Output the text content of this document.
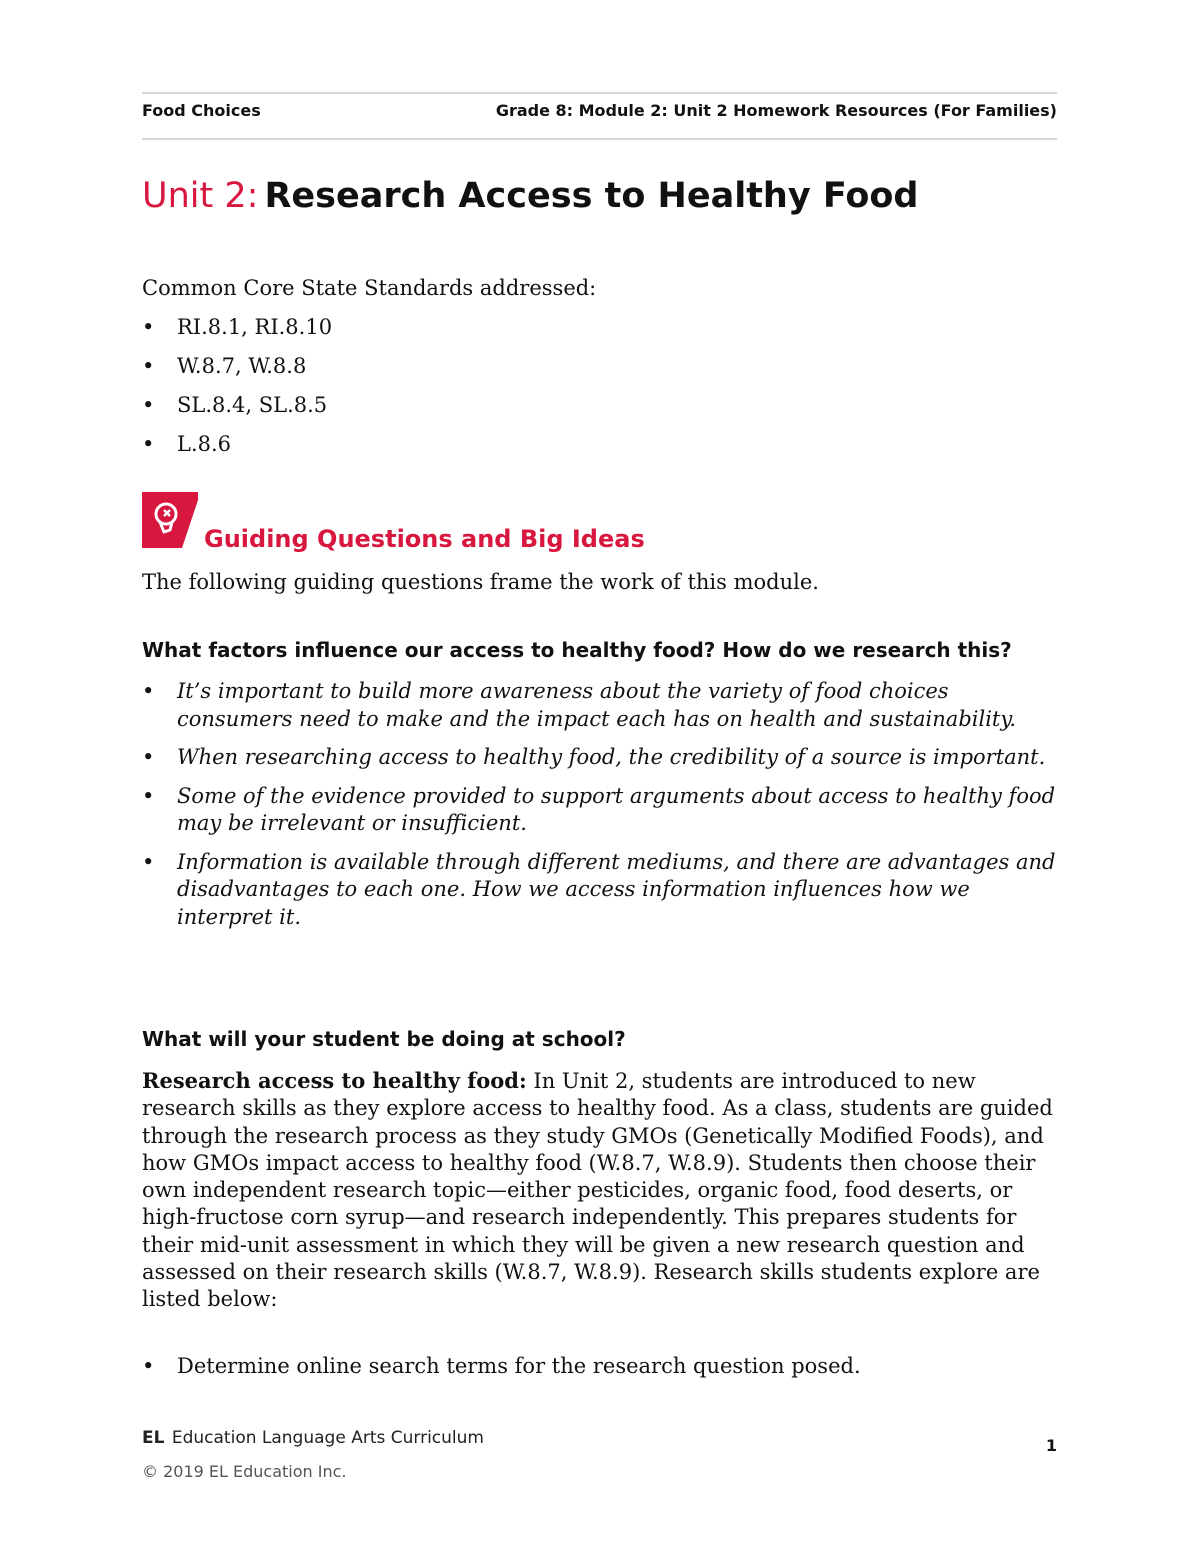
Food Choices	Grade 8: Module 2: Unit 2 Homework Resources (For Families)
Unit 2: Research Access to Healthy Food
Common Core State Standards addressed:
• RI.8.1, RI.8.10
• W.8.7, W.8.8
• SL.8.4, SL.8.5
• L.8.6
Guiding Questions and Big Ideas
The following guiding questions frame the work of this module.
What factors influence our access to healthy food? How do we research this?
• It’s important to build more awareness about the variety of food choices consumers need to make and the impact each has on health and sustainability.
• When researching access to healthy food, the credibility of a source is important.
• Some of the evidence provided to support arguments about access to healthy food may be irrelevant or insufficient.
• Information is available through different mediums, and there are advantages and disadvantages to each one. How we access information influences how we interpret it.
What will your student be doing at school?
Research access to healthy food: In Unit 2, students are introduced to new research skills as they explore access to healthy food. As a class, students are guided through the research process as they study GMOs (Genetically Modified Foods), and how GMOs impact access to healthy food (W.8.7, W.8.9). Students then choose their own independent research topic—either pesticides, organic food, food deserts, or high-fructose corn syrup—and research independently. This prepares students for their mid-unit assessment in which they will be given a new research question and assessed on their research skills (W.8.7, W.8.9). Research skills students explore are listed below:
• Determine online search terms for the research question posed.
EL Education Language Arts Curriculum
© 2019 EL Education Inc.
1
